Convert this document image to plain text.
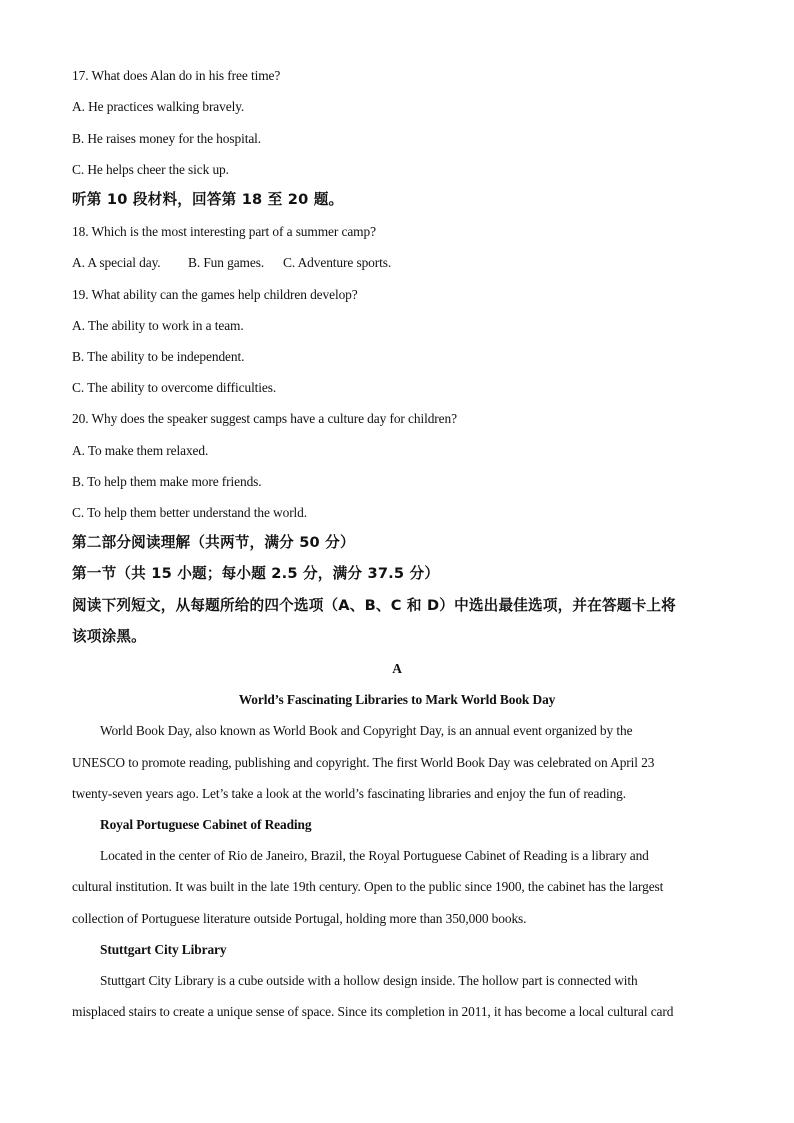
17. What does Alan do in his free time?
A. He practices walking bravely.
B. He raises money for the hospital.
C. He helps cheer the sick up.
听第 10 段材料，回答第 18 至 20 题。
18. Which is the most interesting part of a summer camp?
A. A special day. B. Fun games. C. Adventure sports.
19. What ability can the games help children develop?
A. The ability to work in a team.
B. The ability to be independent.
C. The ability to overcome difficulties.
20. Why does the speaker suggest camps have a culture day for children?
A. To make them relaxed.
B. To help them make more friends.
C. To help them better understand the world.
第二部分阅读理解（共两节，满分 50 分）
第一节（共 15 小题；每小题 2.5 分，满分 37.5 分）
阅读下列短文，从每题所给的四个选项（A、B、C 和 D）中选出最佳选项，并在答题卡上将
该项涂黑。
A
World’s Fascinating Libraries to Mark World Book Day
World Book Day, also known as World Book and Copyright Day, is an annual event organized by the
UNESCO to promote reading, publishing and copyright. The first World Book Day was celebrated on April 23
twenty-seven years ago. Let’s take a look at the world’s fascinating libraries and enjoy the fun of reading.
Royal Portuguese Cabinet of Reading
Located in the center of Rio de Janeiro, Brazil, the Royal Portuguese Cabinet of Reading is a library and
cultural institution. It was built in the late 19th century. Open to the public since 1900, the cabinet has the largest
collection of Portuguese literature outside Portugal, holding more than 350,000 books.
Stuttgart City Library
Stuttgart City Library is a cube outside with a hollow design inside. The hollow part is connected with
misplaced stairs to create a unique sense of space. Since its completion in 2011, it has become a local cultural card
